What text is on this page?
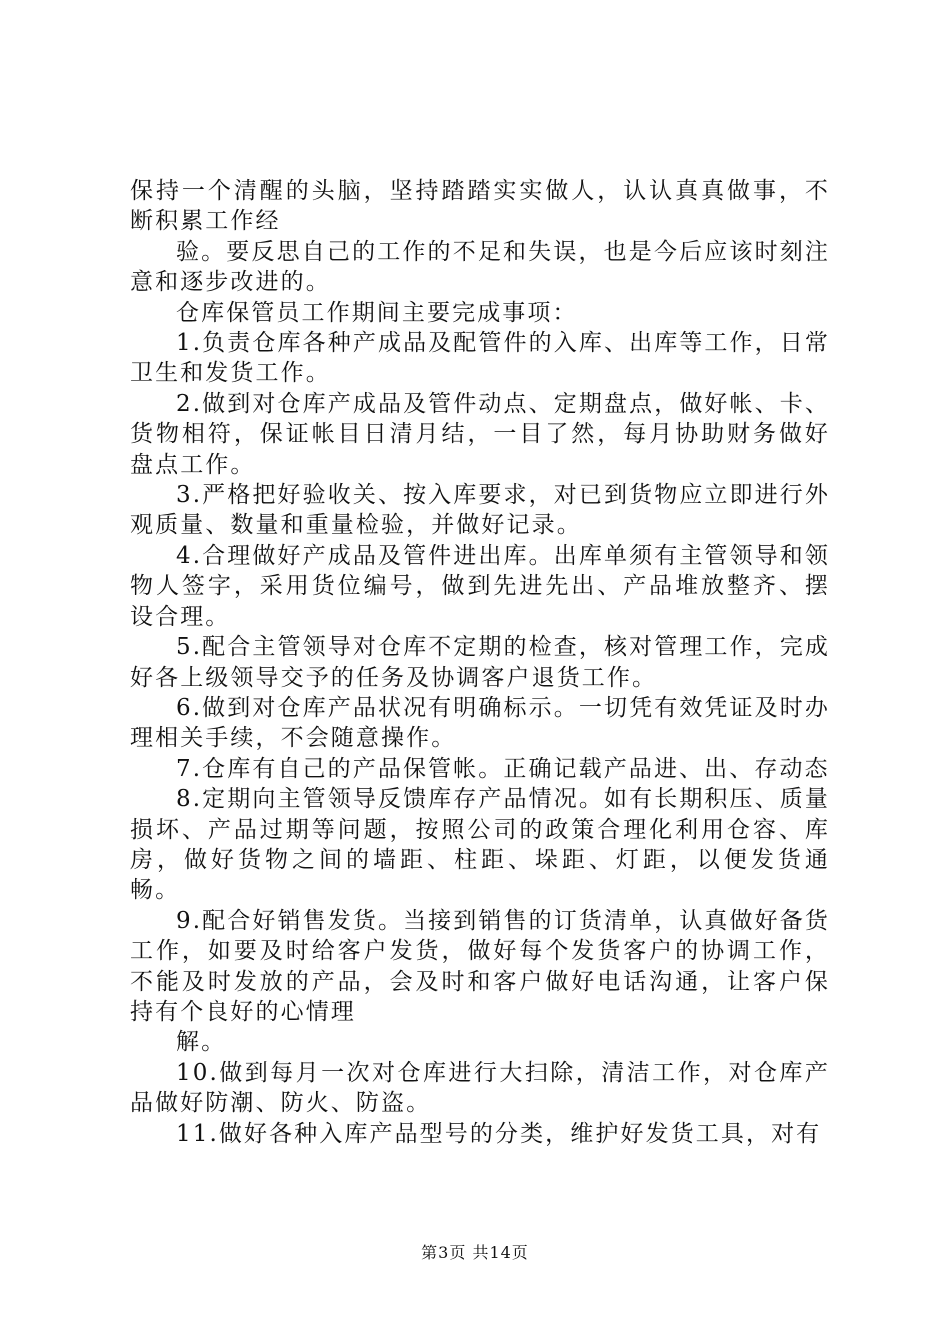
保持一个清醒的头脑，坚持踏踏实实做人，认认真真做事，不断积累工作经

验。要反思自己的工作的不足和失误，也是今后应该时刻注意和逐步改进的。

仓库保管员工作期间主要完成事项：

1.负责仓库各种产成品及配管件的入库、出库等工作，日常卫生和发货工作。

2.做到对仓库产成品及管件动点、定期盘点，做好帐、卡、货物相符，保证帐目日清月结，一目了然，每月协助财务做好盘点工作。

3.严格把好验收关、按入库要求，对已到货物应立即进行外观质量、数量和重量检验，并做好记录。

4.合理做好产成品及管件进出库。出库单须有主管领导和领物人签字，采用货位编号，做到先进先出、产品堆放整齐、摆设合理。

5.配合主管领导对仓库不定期的检查，核对管理工作，完成好各上级领导交予的任务及协调客户退货工作。

6.做到对仓库产品状况有明确标示。一切凭有效凭证及时办理相关手续，不会随意操作。

7.仓库有自己的产品保管帐。正确记载产品进、出、存动态

8.定期向主管领导反馈库存产品情况。如有长期积压、质量损坏、产品过期等问题，按照公司的政策合理化利用仓容、库房，做好货物之间的墙距、柱距、垛距、灯距，以便发货通畅。

9.配合好销售发货。当接到销售的订货清单，认真做好备货工作，如要及时给客户发货，做好每个发货客户的协调工作，不能及时发放的产品，会及时和客户做好电话沟通，让客户保持有个良好的心情理

解。

10.做到每月一次对仓库进行大扫除，清洁工作，对仓库产品做好防潮、防火、防盗。

11.做好各种入库产品型号的分类，维护好发货工具，对有

第3页 共14页
